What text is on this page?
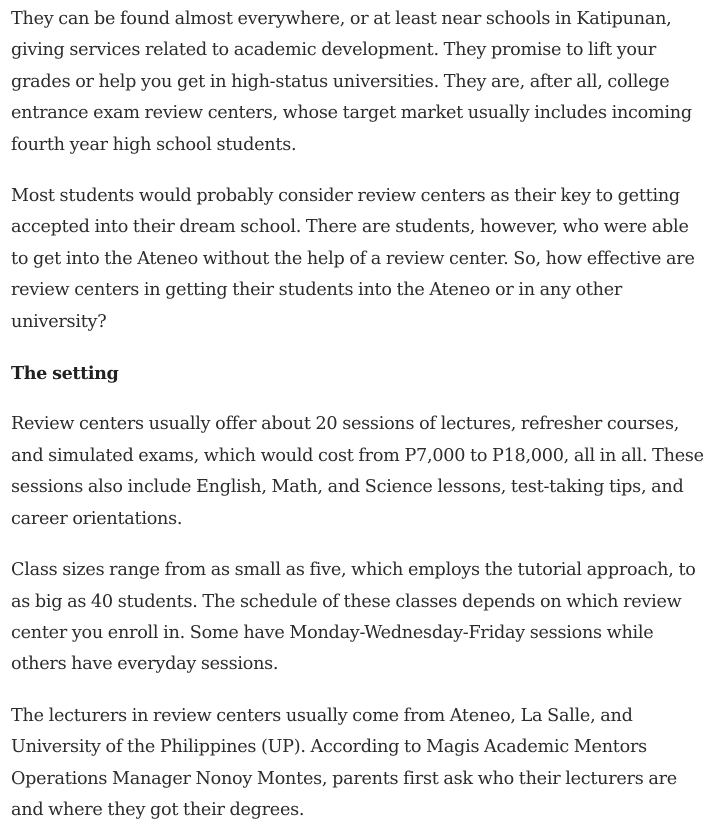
They can be found almost everywhere, or at least near schools in Katipunan, giving services related to academic development. They promise to lift your grades or help you get in high-status universities. They are, after all, college entrance exam review centers, whose target market usually includes incoming fourth year high school students.

Most students would probably consider review centers as their key to getting accepted into their dream school. There are students, however, who were able to get into the Ateneo without the help of a review center. So, how effective are review centers in getting their students into the Ateneo or in any other university?

The setting

Review centers usually offer about 20 sessions of lectures, refresher courses, and simulated exams, which would cost from P7,000 to P18,000, all in all. These sessions also include English, Math, and Science lessons, test-taking tips, and career orientations.

Class sizes range from as small as five, which employs the tutorial approach, to as big as 40 students. The schedule of these classes depends on which review center you enroll in. Some have Monday-Wednesday-Friday sessions while others have everyday sessions.

The lecturers in review centers usually come from Ateneo, La Salle, and University of the Philippines (UP). According to Magis Academic Mentors Operations Manager Nonoy Montes, parents first ask who their lecturers are and where they got their degrees.
